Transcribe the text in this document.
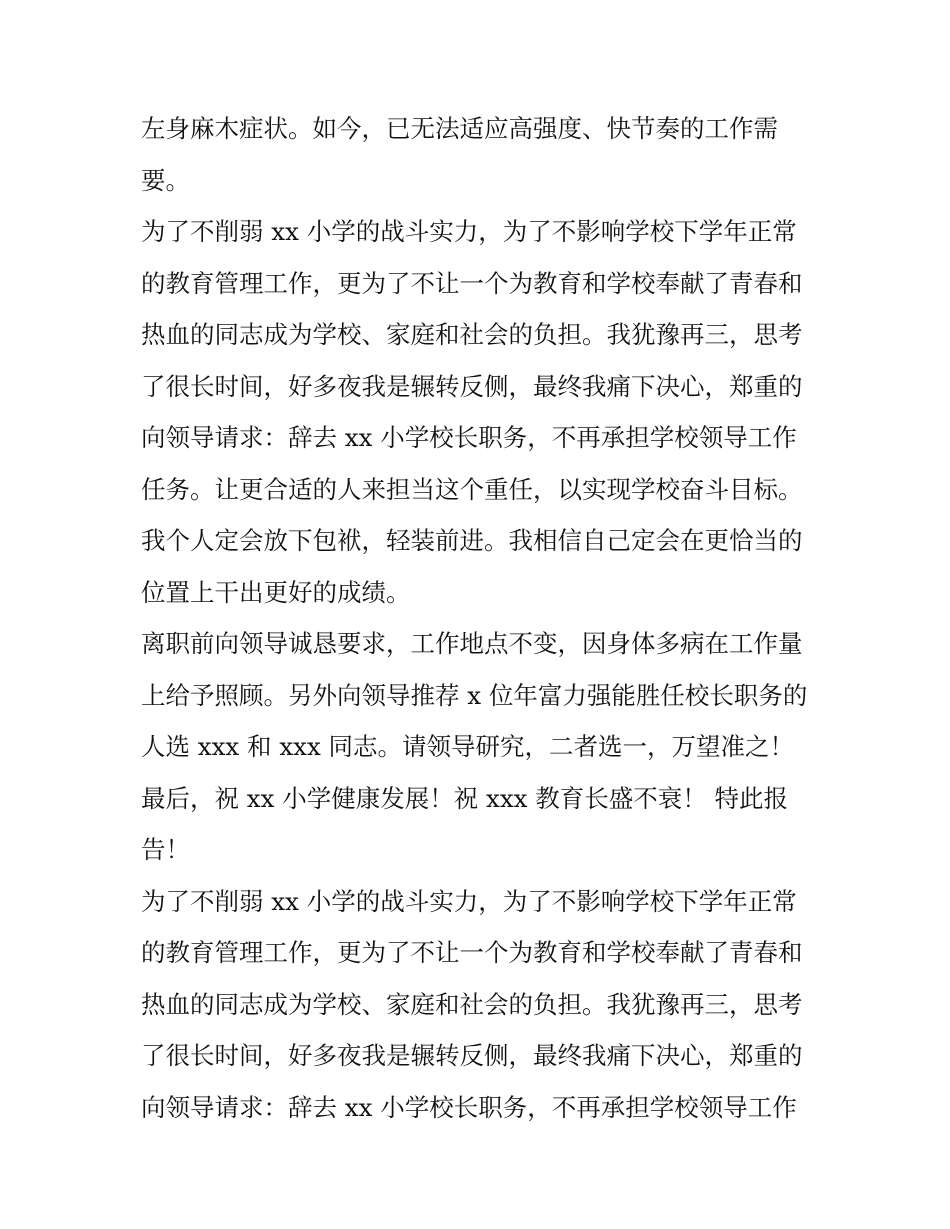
左身麻木症状。如今，已无法适应高强度、快节奏的工作需
要。
为了不削弱 xx 小学的战斗实力，为了不影响学校下学年正常
的教育管理工作，更为了不让一个为教育和学校奉献了青春和
热血的同志成为学校、家庭和社会的负担。我犹豫再三，思考
了很长时间，好多夜我是辗转反侧，最终我痛下决心，郑重的
向领导请求：辞去 xx 小学校长职务，不再承担学校领导工作
任务。让更合适的人来担当这个重任，以实现学校奋斗目标。
我个人定会放下包袱，轻装前进。我相信自己定会在更恰当的
位置上干出更好的成绩。
离职前向领导诚恳要求，工作地点不变，因身体多病在工作量
上给予照顾。另外向领导推荐 x 位年富力强能胜任校长职务的
人选 xxx 和 xxx 同志。请领导研究，二者选一，万望准之！
最后，祝 xx 小学健康发展！祝 xxx 教育长盛不衰！ 特此报
告！
为了不削弱 xx 小学的战斗实力，为了不影响学校下学年正常
的教育管理工作，更为了不让一个为教育和学校奉献了青春和
热血的同志成为学校、家庭和社会的负担。我犹豫再三，思考
了很长时间，好多夜我是辗转反侧，最终我痛下决心，郑重的
向领导请求：辞去 xx 小学校长职务，不再承担学校领导工作
